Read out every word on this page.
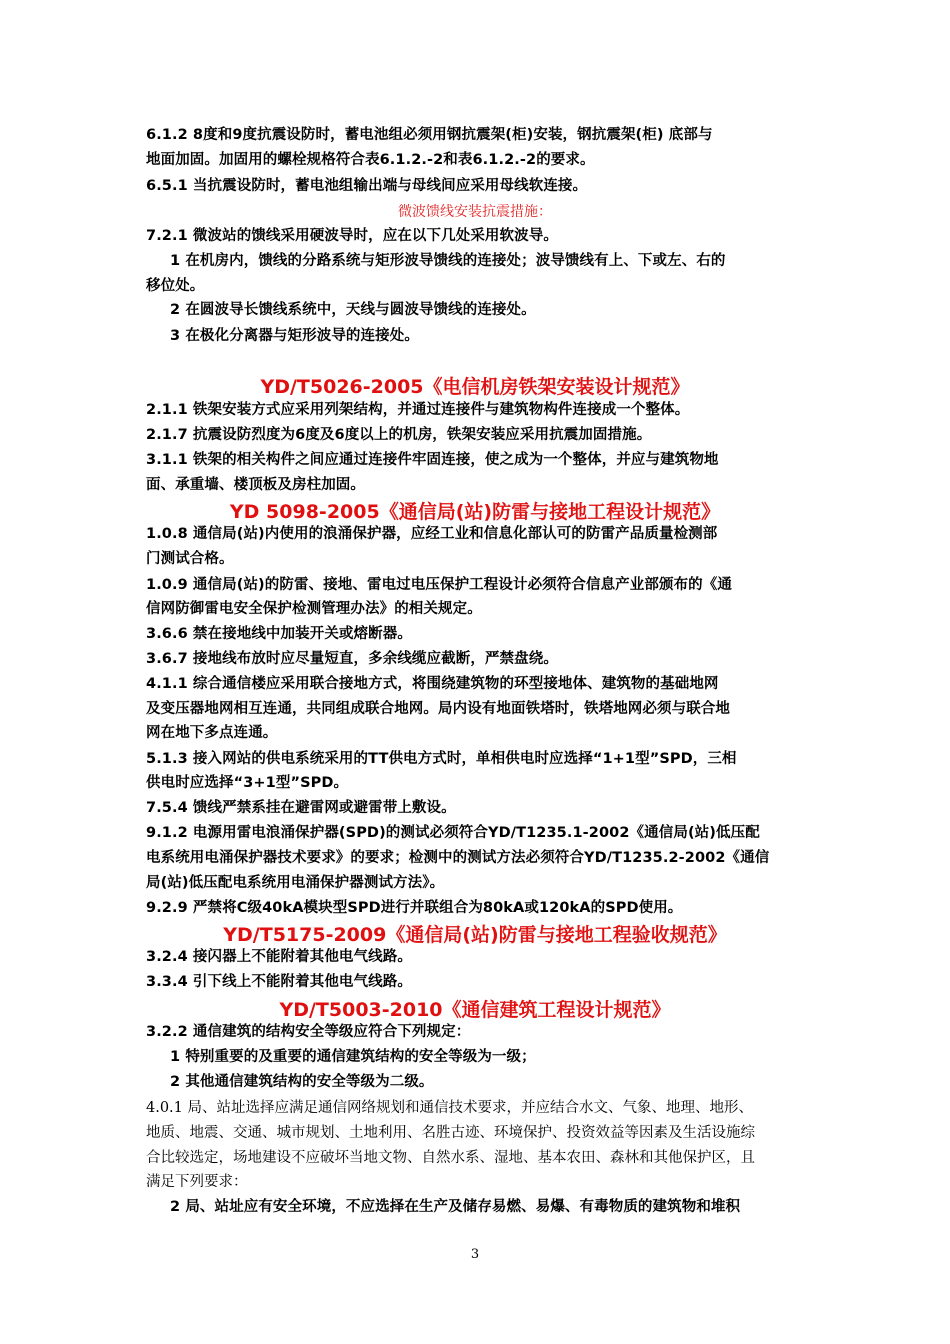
6.1.2 8度和9度抗震设防时，蓄电池组必须用钢抗震架(柜)安装，钢抗震架(柜) 底部与
地面加固。加固用的螺栓规格符合表6.1.2.-2和表6.1.2.-2的要求。
6.5.1 当抗震设防时，蓄电池组输出端与母线间应采用母线软连接。
微波馈线安装抗震措施：
7.2.1 微波站的馈线采用硬波导时，应在以下几处采用软波导。
1 在机房内，馈线的分路系统与矩形波导馈线的连接处；波导馈线有上、下或左、右的
移位处。
2 在圆波导长馈线系统中，天线与圆波导馈线的连接处。
3 在极化分离器与矩形波导的连接处。
YD/T5026-2005《电信机房铁架安装设计规范》
2.1.1 铁架安装方式应采用列架结构，并通过连接件与建筑物构件连接成一个整体。
2.1.7 抗震设防烈度为6度及6度以上的机房，铁架安装应采用抗震加固措施。
3.1.1 铁架的相关构件之间应通过连接件牢固连接，使之成为一个整体，并应与建筑物地
面、承重墙、楼顶板及房柱加固。
YD 5098-2005《通信局(站)防雷与接地工程设计规范》
1.0.8 通信局(站)内使用的浪涌保护器，应经工业和信息化部认可的防雷产品质量检测部
门测试合格。
1.0.9 通信局(站)的防雷、接地、雷电过电压保护工程设计必须符合信息产业部颁布的《通
信网防御雷电安全保护检测管理办法》的相关规定。
3.6.6 禁在接地线中加装开关或熔断器。
3.6.7 接地线布放时应尽量短直，多余线缆应截断，严禁盘绕。
4.1.1 综合通信楼应采用联合接地方式，将围绕建筑物的环型接地体、建筑物的基础地网
及变压器地网相互连通，共同组成联合地网。局内设有地面铁塔时，铁塔地网必须与联合地
网在地下多点连通。
5.1.3 接入网站的供电系统采用的TT供电方式时，单相供电时应选择“1+1型”SPD，三相
供电时应选择“3+1型”SPD。
7.5.4 馈线严禁系挂在避雷网或避雷带上敷设。
9.1.2 电源用雷电浪涌保护器(SPD)的测试必须符合YD/T1235.1-2002《通信局(站)低压配
电系统用电涌保护器技术要求》的要求；检测中的测试方法必须符合YD/T1235.2-2002《通信
局(站)低压配电系统用电涌保护器测试方法》。
9.2.9 严禁将C级40kA模块型SPD进行并联组合为80kA或120kA的SPD使用。
YD/T5175-2009《通信局(站)防雷与接地工程验收规范》
3.2.4 接闪器上不能附着其他电气线路。
3.3.4 引下线上不能附着其他电气线路。
YD/T5003-2010《通信建筑工程设计规范》
3.2.2 通信建筑的结构安全等级应符合下列规定：
1 特别重要的及重要的通信建筑结构的安全等级为一级；
2 其他通信建筑结构的安全等级为二级。
4.0.1 局、站址选择应满足通信网络规划和通信技术要求，并应结合水文、气象、地理、地形、
地质、地震、交通、城市规划、土地利用、名胜古迹、环境保护、投资效益等因素及生活设施综
合比较选定，场地建设不应破坏当地文物、自然水系、湿地、基本农田、森林和其他保护区，且
满足下列要求：
2 局、站址应有安全环境，不应选择在生产及储存易燃、易爆、有毒物质的建筑物和堆积
3
